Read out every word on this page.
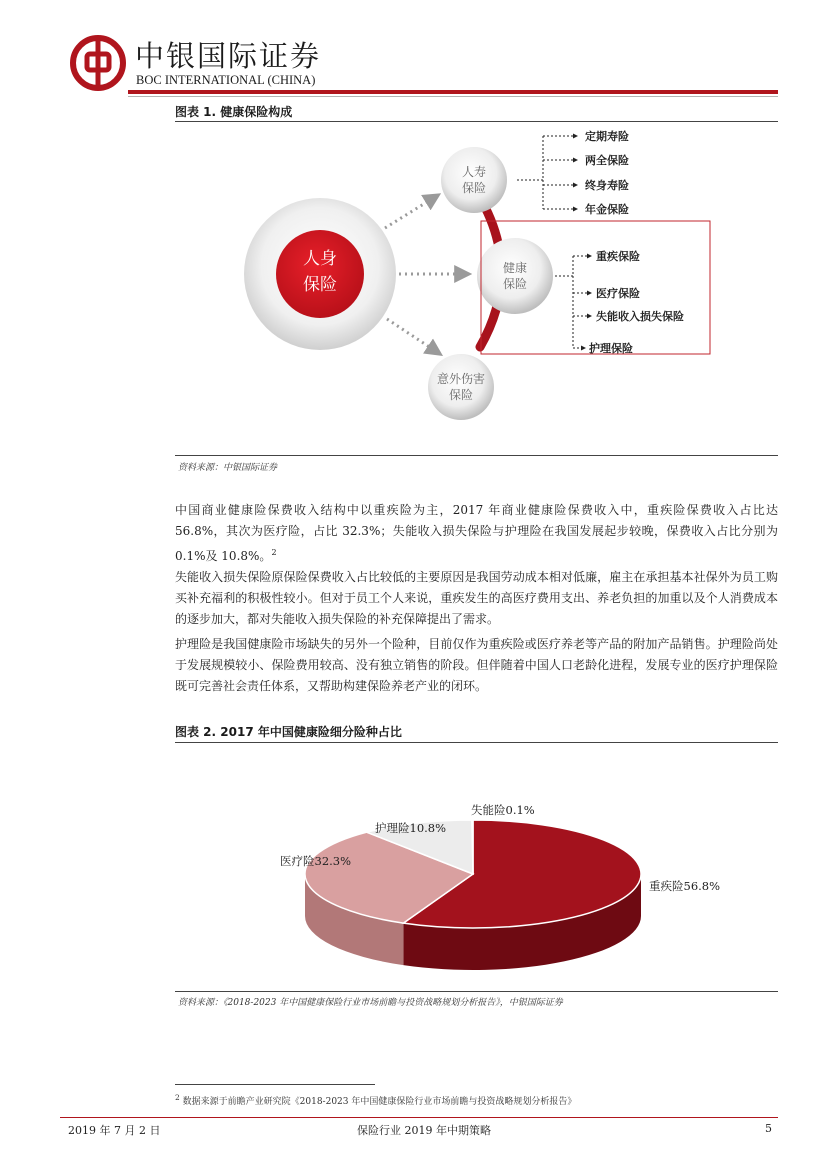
中银国际证券
BOC INTERNATIONAL (CHINA)
图表 1. 健康保险构成
人身
保险
人寿
保险
健康
保险
意外伤害
保险
定期寿险
两全保险
终身寿险
年金保险
重疾保险
医疗保险
失能收入损失保险
护理保险
资料来源：中银国际证券

中国商业健康险保费收入结构中以重疾险为主，2017 年商业健康险保费收入中，重疾险保费收入占比达 56.8%，其次为医疗险，占比 32.3%；失能收入损失保险与护理险在我国发展起步较晚，保费收入占比分别为 0.1%及 10.8%。$^2$

失能收入损失保险原保险保费收入占比较低的主要原因是我国劳动成本相对低廉，雇主在承担基本社保外为员工购买补充福利的积极性较小。但对于员工个人来说，重疾发生的高医疗费用支出、养老负担的加重以及个人消费成本的逐步加大，都对失能收入损失保险的补充保障提出了需求。

护理险是我国健康险市场缺失的另外一个险种，目前仅作为重疾险或医疗养老等产品的附加产品销售。护理险尚处于发展规模较小、保险费用较高、没有独立销售的阶段。但伴随着中国人口老龄化进程，发展专业的医疗护理保险既可完善社会责任体系，又帮助构建保险养老产业的闭环。

图表 2. 2017 年中国健康险细分险种占比
重疾险56.8%
医疗险32.3%
护理险10.8%
失能险0.1%
资料来源：《2018-2023 年中国健康保险行业市场前瞻与投资战略规划分析报告》，中银国际证券
$^2$ 数据来源于前瞻产业研究院《2018-2023 年中国健康保险行业市场前瞻与投资战略规划分析报告》
2019 年 7 月 2 日	保险行业 2019 年中期策略	5
